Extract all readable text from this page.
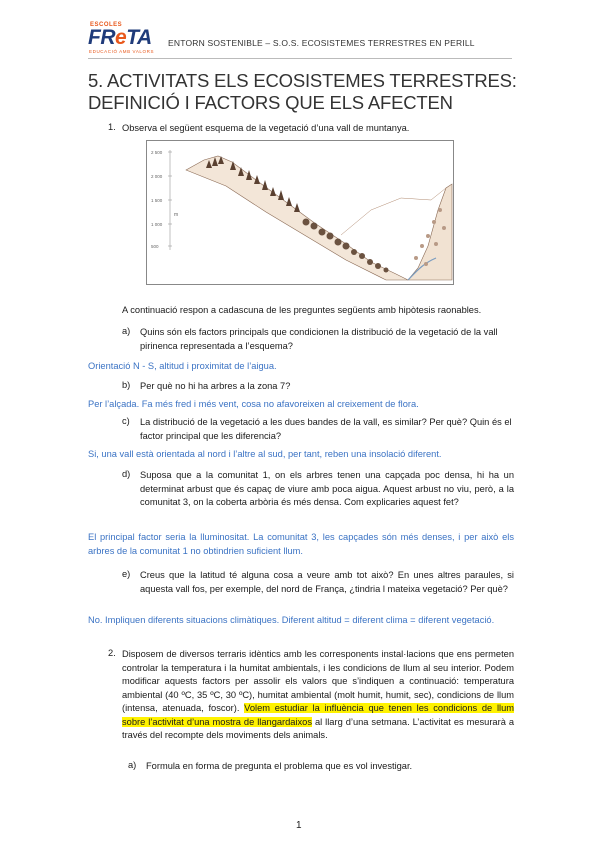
ESCOLES
FReTA
EDUCACIÓ AMB VALORS
ENTORN SOSTENIBLE – S.O.S. ECOSISTEMES TERRESTRES EN PERILL
5. ACTIVITATS ELS ECOSISTEMES TERRESTRES:
DEFINICIÓ I FACTORS QUE ELS AFECTEN
1. Observa el següent esquema de la vegetació d’una vall de muntanya.
2 500
2 000
1 500
1 000
500
m
A continuació respon a cadascuna de les preguntes següents amb hipòtesis raonables.
a) Quins són els factors principals que condicionen la distribució de la vegetació de la vall pirinenca representada a l’esquema?
Orientació N - S, altitud i proximitat de l’aigua.
b) Per què no hi ha arbres a la zona 7?
Per l’alçada. Fa més fred i més vent, cosa no afavoreixen al creixement de flora.
c) La distribució de la vegetació a les dues bandes de la vall, es similar? Per què? Quin és el factor principal que les diferencia?
Si, una vall està orientada al nord i l’altre al sud, per tant, reben una insolació diferent.
d) Suposa que a la comunitat 1, on els arbres tenen una capçada poc densa, hi ha un determinat arbust que és capaç de viure amb poca aigua. Aquest arbust no viu, però, a la comunitat 3, on la coberta arbòria és més densa. Com explicaries aquest fet?
El principal factor seria la lluminositat. La comunitat 3, les capçades són més denses, i per això els arbres de la comunitat 1 no obtindrien suficient llum.
e) Creus que la latitud té alguna cosa a veure amb tot això? En unes altres paraules, si aquesta vall fos, per exemple, del nord de França, ¿tindria l mateixa vegetació? Per què?
No. Impliquen diferents situacions climàtiques. Diferent altitud = diferent clima = diferent vegetació.
2. Disposem de diversos terraris idèntics amb les corresponents instal·lacions que ens permeten controlar la temperatura i la humitat ambientals, i les condicions de llum al seu interior. Podem modificar aquests factors per assolir els valors que s’indiquen a continuació: temperatura ambiental (40 ºC, 35 ºC, 30 ºC), humitat ambiental (molt humit, humit, sec), condicions de llum (intensa, atenuada, foscor). Volem estudiar la influència que tenen les condicions de llum sobre l’activitat d’una mostra de llangardaixos al llarg d’una setmana. L’activitat es mesurarà a través del recompte dels moviments dels animals.
a) Formula en forma de pregunta el problema que es vol investigar.
1
